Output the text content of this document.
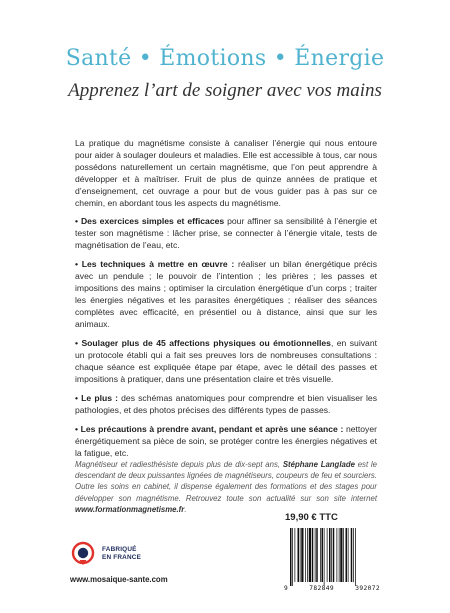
Santé • Émotions • Énergie
Apprenez l’art de soigner avec vos mains

La pratique du magnétisme consiste à canaliser l’énergie qui nous entoure pour aider à soulager douleurs et maladies. Elle est accessible à tous, car nous possédons naturellement un certain magnétisme, que l’on peut apprendre à développer et à maîtriser. Fruit de plus de quinze années de pratique et d’enseignement, cet ouvrage a pour but de vous guider pas à pas sur ce chemin, en abordant tous les aspects du magnétisme.

• Des exercices simples et efficaces pour affiner sa sensibilité à l’énergie et tester son magnétisme : lâcher prise, se connecter à l’énergie vitale, tests de magnétisation de l’eau, etc.

• Les techniques à mettre en œuvre : réaliser un bilan énergétique précis avec un pendule ; le pouvoir de l’intention ; les prières ; les passes et impositions des mains ; optimiser la circulation énergétique d’un corps ; traiter les énergies négatives et les parasites énergétiques ; réaliser des séances complètes avec efficacité, en présentiel ou à distance, ainsi que sur les animaux.

• Soulager plus de 45 affections physiques ou émotionnelles, en suivant un protocole établi qui a fait ses preuves lors de nombreuses consultations : chaque séance est expliquée étape par étape, avec le détail des passes et impositions à pratiquer, dans une présentation claire et très visuelle.

• Le plus : des schémas anatomiques pour comprendre et bien visualiser les pathologies, et des photos précises des différents types de passes.

• Les précautions à prendre avant, pendant et après une séance : nettoyer énergétiquement sa pièce de soin, se protéger contre les énergies négatives et la fatigue, etc.

Magnétiseur et radiesthésiste depuis plus de dix-sept ans, Stéphane Langlade est le descendant de deux puissantes lignées de magnétiseurs, coupeurs de feu et sourciers. Outre les soins en cabinet, il dispense également des formations et des stages pour développer son magnétisme. Retrouvez toute son actualité sur son site internet www.formationmagnetisme.fr.

FABRIQUÉ
EN FRANCE
www.mosaique-sante.com
19,90 € TTC
9	782849	392072
